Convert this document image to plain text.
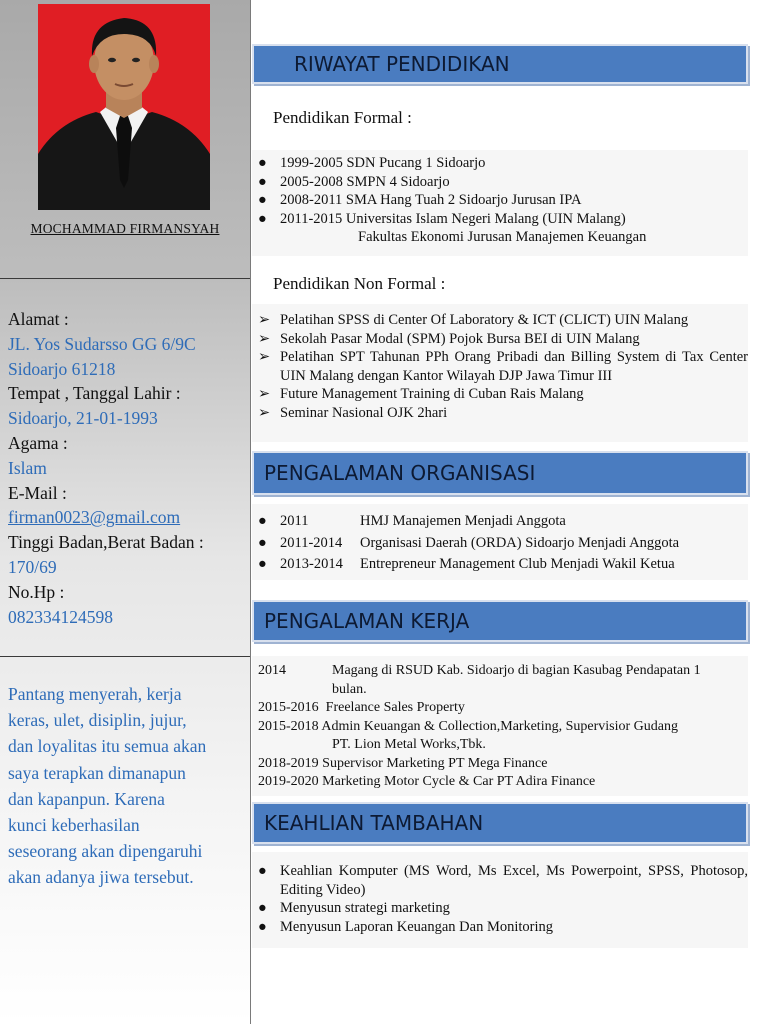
MOCHAMMAD FIRMANSYAH
Alamat :
JL. Yos Sudarsso GG 6/9C
Sidoarjo 61218
Tempat , Tanggal Lahir :
Sidoarjo, 21-01-1993
Agama :
Islam
E-Mail :
firman0023@gmail.com
Tinggi Badan,Berat Badan :
170/69
No.Hp :
082334124598
Pantang menyerah, kerja
keras, ulet, disiplin, jujur,
dan loyalitas itu semua akan
saya terapkan dimanapun
dan kapanpun. Karena
kunci keberhasilan
seseorang akan dipengaruhi
akan adanya jiwa tersebut.
RIWAYAT PENDIDIKAN
Pendidikan Formal :
● 1999-2005 SDN Pucang 1 Sidoarjo
● 2005-2008 SMPN 4 Sidoarjo
● 2008-2011 SMA Hang Tuah 2 Sidoarjo Jurusan IPA
● 2011-2015 Universitas Islam Negeri Malang (UIN Malang)
Fakultas Ekonomi Jurusan Manajemen Keuangan
Pendidikan Non Formal :
➢ Pelatihan SPSS di Center Of Laboratory & ICT (CLICT) UIN Malang
➢ Sekolah Pasar Modal (SPM) Pojok Bursa BEI di UIN Malang
➢ Pelatihan SPT Tahunan PPh Orang Pribadi dan Billing System di Tax Center UIN Malang dengan Kantor Wilayah DJP Jawa Timur III
➢ Future Management Training di Cuban Rais Malang
➢ Seminar Nasional OJK 2hari
PENGALAMAN ORGANISASI
● 2011	HMJ Manajemen Menjadi Anggota
● 2011-2014 Organisasi Daerah (ORDA) Sidoarjo Menjadi Anggota
● 2013-2014 Entrepreneur Management Club Menjadi Wakil Ketua
PENGALAMAN KERJA
2014	Magang di RSUD Kab. Sidoarjo di bagian Kasubag Pendapatan 1
	bulan.
2015-2016 Freelance Sales Property	
2015-2018 Admin Keuangan & Collection,Marketing, Supervisior Gudang	
	PT. Lion Metal Works,Tbk.
2018-2019 Supervisor Marketing PT Mega Finance	
2019-2020 Marketing Motor Cycle & Car PT Adira Finance	
KEAHLIAN TAMBAHAN
● Keahlian Komputer (MS Word, Ms Excel, Ms Powerpoint, SPSS, Photosop, Editing Video)
● Menyusun strategi marketing
● Menyusun Laporan Keuangan Dan Monitoring
